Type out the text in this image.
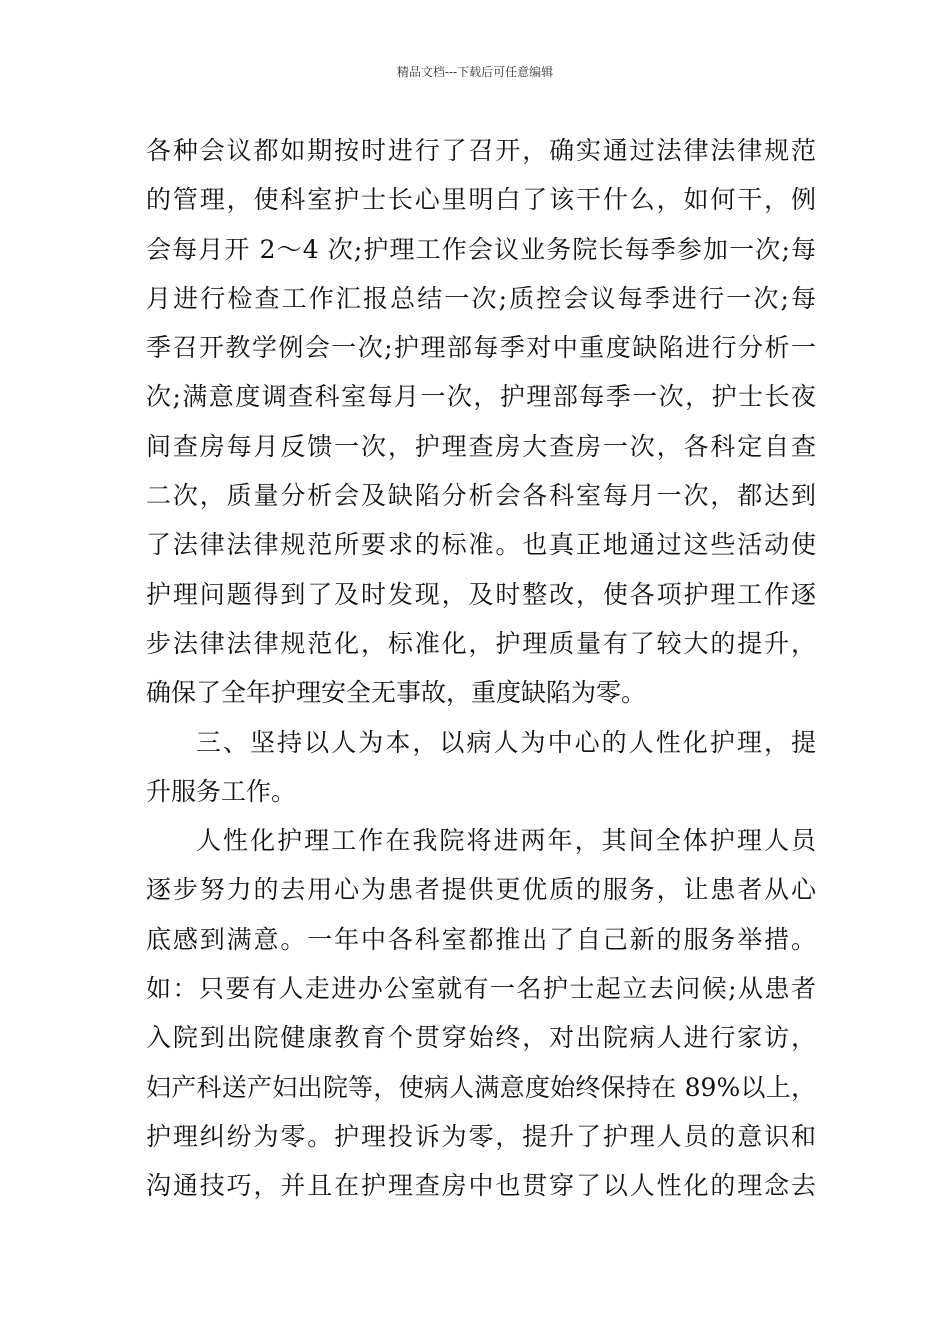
精品文档---下载后可任意编辑
各种会议都如期按时进行了召开，确实通过法律法律规范
的管理，使科室护士长心里明白了该干什么，如何干，例
会每月开 2～4 次;护理工作会议业务院长每季参加一次;每
月进行检查工作汇报总结一次;质控会议每季进行一次;每
季召开教学例会一次;护理部每季对中重度缺陷进行分析一
次;满意度调查科室每月一次，护理部每季一次，护士长夜
间查房每月反馈一次，护理查房大查房一次，各科定自查
二次，质量分析会及缺陷分析会各科室每月一次，都达到
了法律法律规范所要求的标准。也真正地通过这些活动使
护理问题得到了及时发现，及时整改，使各项护理工作逐
步法律法律规范化，标准化，护理质量有了较大的提升，
确保了全年护理安全无事故，重度缺陷为零。
三、坚持以人为本，以病人为中心的人性化护理，提
升服务工作。
人性化护理工作在我院将进两年，其间全体护理人员
逐步努力的去用心为患者提供更优质的服务，让患者从心
底感到满意。一年中各科室都推出了自己新的服务举措。
如：只要有人走进办公室就有一名护士起立去问候;从患者
入院到出院健康教育个贯穿始终，对出院病人进行家访，
妇产科送产妇出院等，使病人满意度始终保持在 89%以上，
护理纠纷为零。护理投诉为零，提升了护理人员的意识和
沟通技巧，并且在护理查房中也贯穿了以人性化的理念去
